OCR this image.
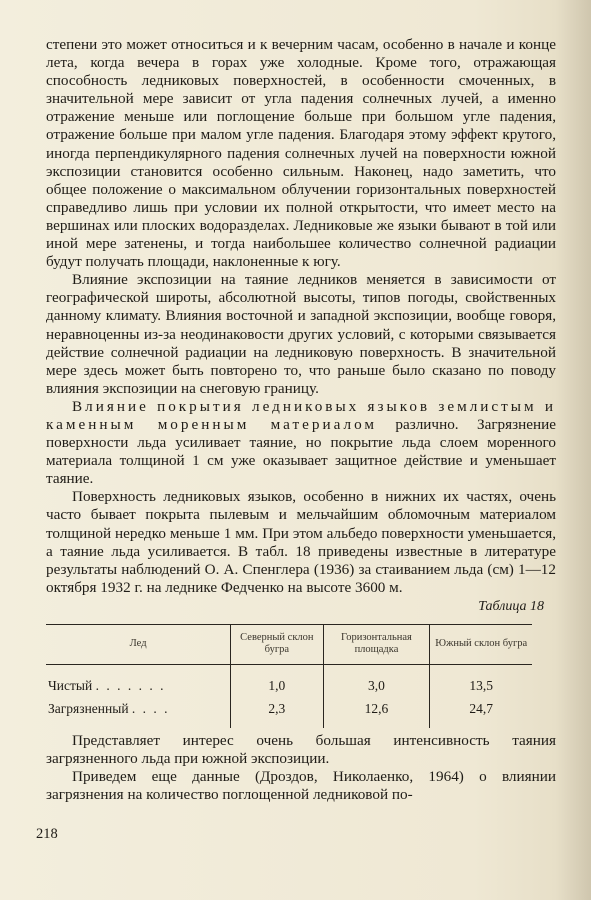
степени это может относиться и к вечерним часам, особенно в начале и конце лета, когда вечера в горах уже холодные. Кроме того, отражающая способность ледниковых поверхностей, в особенности смоченных, в значительной мере зависит от угла падения солнечных лучей, а именно отражение меньше или поглощение больше при большом угле падения, отражение больше при малом угле падения. Благодаря этому эффект крутого, иногда перпендикулярного падения солнечных лучей на поверхности южной экспозиции становится особенно сильным. Наконец, надо заметить, что общее положение о максимальном облучении горизонтальных поверхностей справедливо лишь при условии их полной открытости, что имеет место на вершинах или плоских водоразделах. Ледниковые же языки бывают в той или иной мере затенены, и тогда наибольшее количество солнечной радиации будут получать площади, наклоненные к югу.

Влияние экспозиции на таяние ледников меняется в зависимости от географической широты, абсолютной высоты, типов погоды, свойственных данному климату. Влияния восточной и западной экспозиции, вообще говоря, неравноценны из-за неодинаковости других условий, с которыми связывается действие солнечной радиации на ледниковую поверхность. В значительной мере здесь может быть повторено то, что раньше было сказано по поводу влияния экспозиции на снеговую границу.

Влияние покрытия ледниковых языков землистым и каменным моренным материалом различно. Загрязнение поверхности льда усиливает таяние, но покрытие льда слоем моренного материала толщиной 1 см уже оказывает защитное действие и уменьшает таяние.

Поверхность ледниковых языков, особенно в нижних их частях, очень часто бывает покрыта пылевым и мельчайшим обломочным материалом толщиной нередко меньше 1 мм. При этом альбедо поверхности уменьшается, а таяние льда усиливается. В табл. 18 приведены известные в литературе результаты наблюдений О. А. Спенглера (1936) за стаиванием льда (см) 1—12 октября 1932 г. на леднике Федченко на высоте 3600 м.

Таблица 18
Лед	Северный склон бугра	Горизонтальная площадка	Южный склон бугра
Чистый . . . . . . .	1,0	3,0	13,5
Загрязненный . . . .	2,3	12,6	24,7

Представляет интерес очень большая интенсивность таяния загрязненного льда при южной экспозиции.

Приведем еще данные (Дроздов, Николаенко, 1964) о влиянии загрязнения на количество поглощенной ледниковой по-

218
